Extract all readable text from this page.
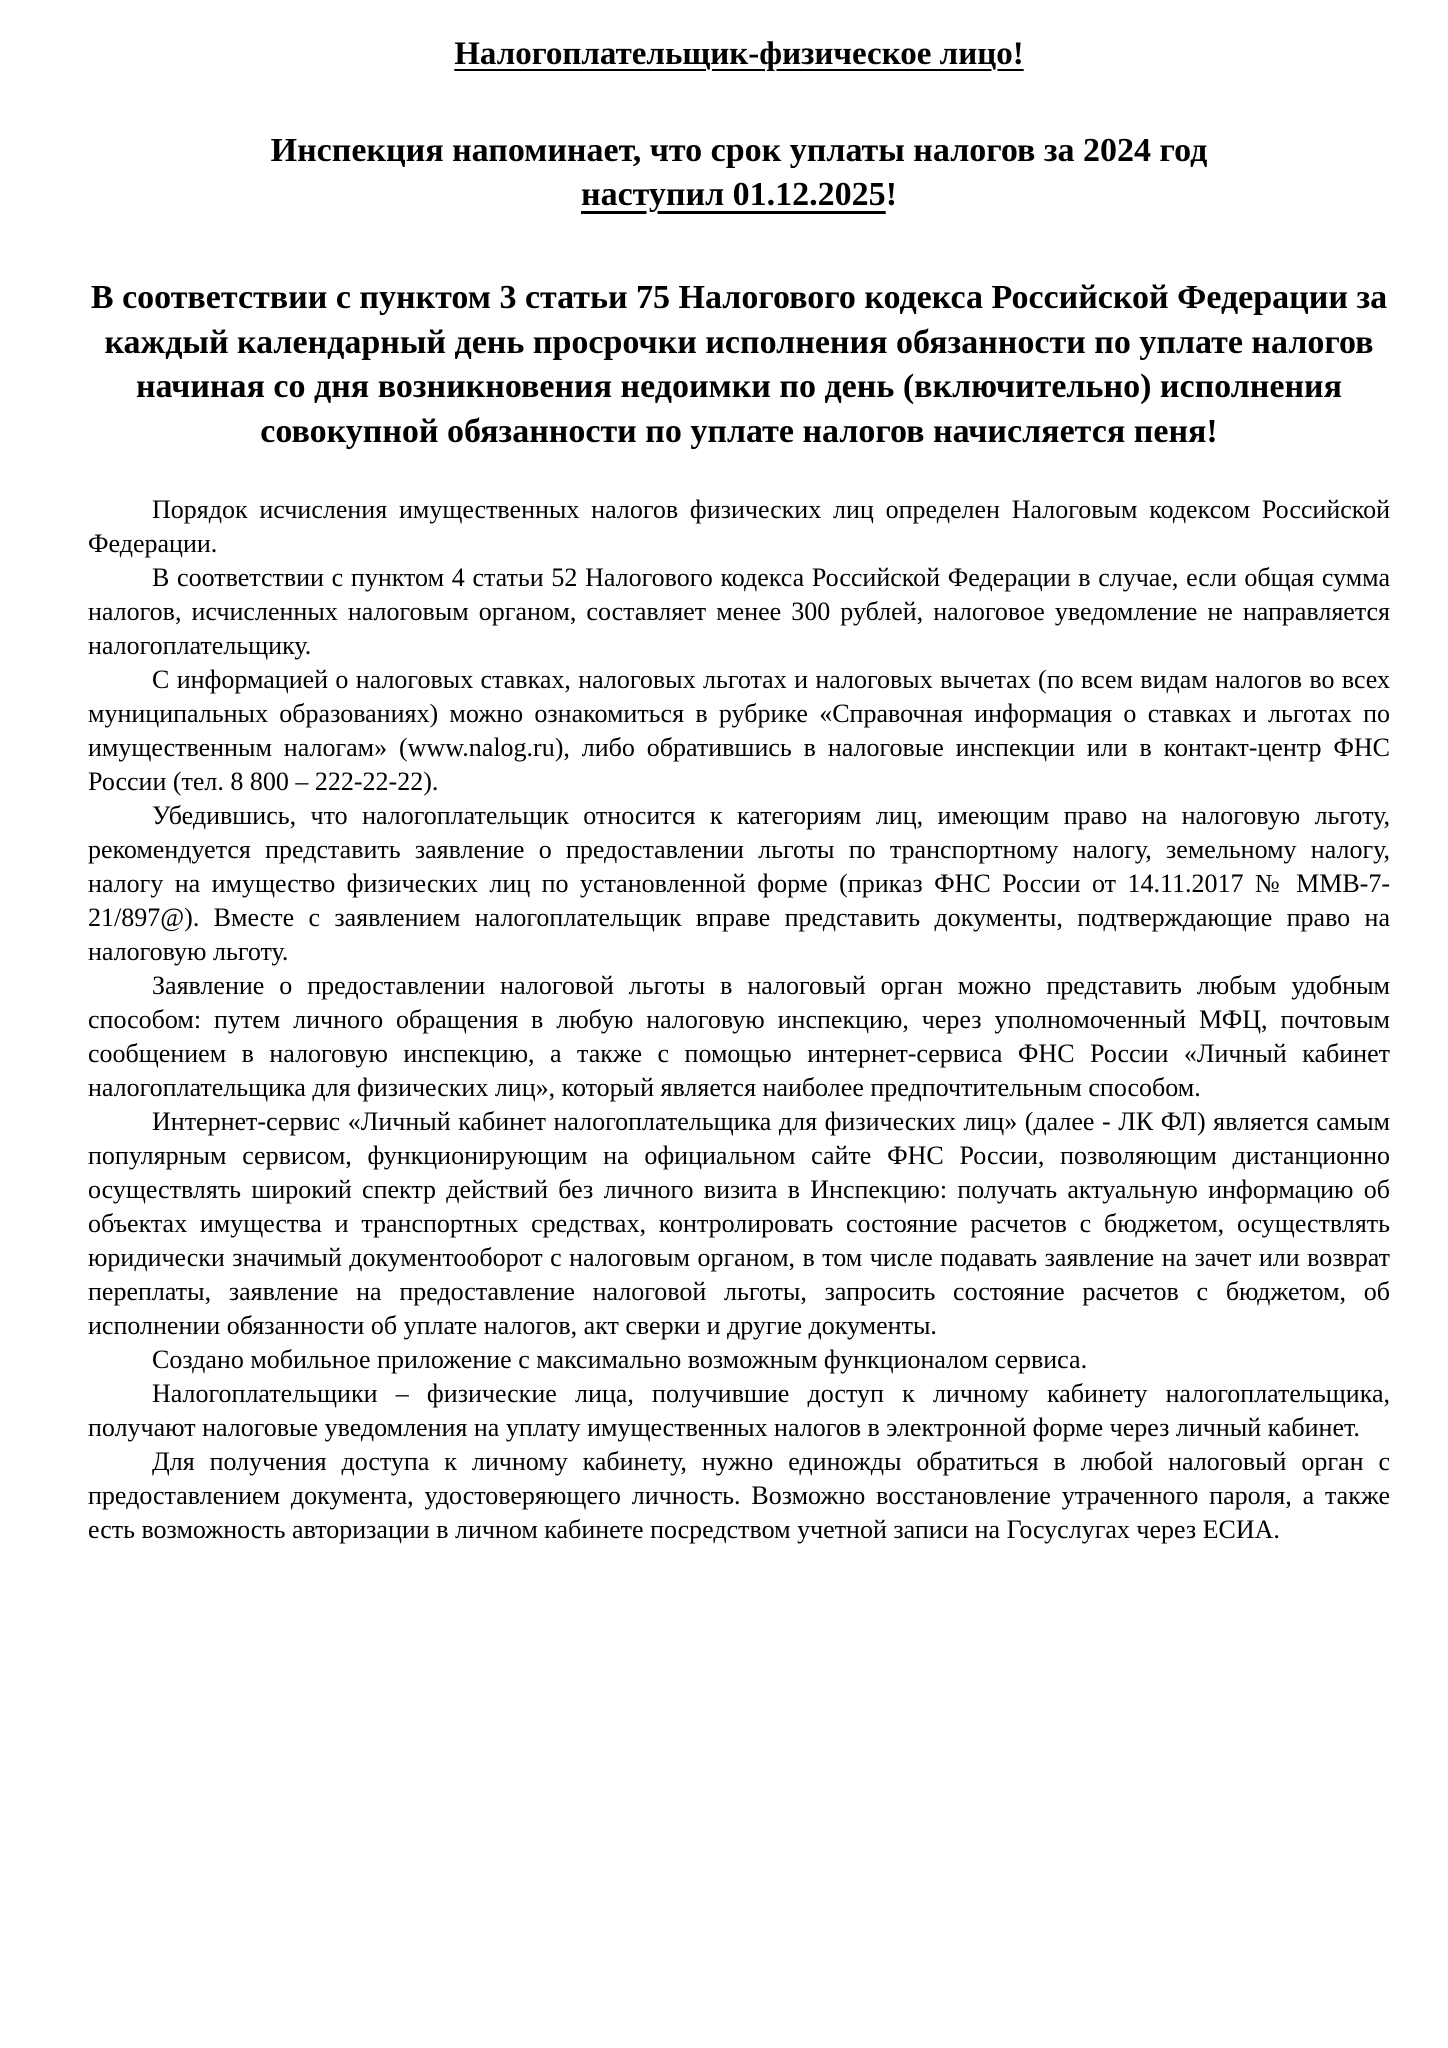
Налогоплательщик-физическое лицо!
Инспекция напоминает, что срок уплаты налогов за 2024 год
наступил 01.12.2025!
В соответствии с пунктом 3 статьи 75 Налогового кодекса Российской Федерации за каждый календарный день просрочки исполнения обязанности по уплате налогов начиная со дня возникновения недоимки по день (включительно) исполнения совокупной обязанности по уплате налогов начисляется пеня!

Порядок исчисления имущественных налогов физических лиц определен Налоговым кодексом Российской Федерации.

В соответствии с пунктом 4 статьи 52 Налогового кодекса Российской Федерации в случае, если общая сумма налогов, исчисленных налоговым органом, составляет менее 300 рублей, налоговое уведомление не направляется налогоплательщику.

С информацией о налоговых ставках, налоговых льготах и налоговых вычетах (по всем видам налогов во всех муниципальных образованиях) можно ознакомиться в рубрике «Справочная информация о ставках и льготах по имущественным налогам» (www.nalog.ru), либо обратившись в налоговые инспекции или в контакт-центр ФНС России (тел. 8 800 – 222-22-22).

Убедившись, что налогоплательщик относится к категориям лиц, имеющим право на налоговую льготу, рекомендуется представить заявление о предоставлении льготы по транспортному налогу, земельному налогу, налогу на имущество физических лиц по установленной форме (приказ ФНС России от 14.11.2017 № ММВ-7-21/897@). Вместе с заявлением налогоплательщик вправе представить документы, подтверждающие право на налоговую льготу.

Заявление о предоставлении налоговой льготы в налоговый орган можно представить любым удобным способом: путем личного обращения в любую налоговую инспекцию, через уполномоченный МФЦ, почтовым сообщением в налоговую инспекцию, а также с помощью интернет-сервиса ФНС России «Личный кабинет налогоплательщика для физических лиц», который является наиболее предпочтительным способом.

Интернет-сервис «Личный кабинет налогоплательщика для физических лиц» (далее - ЛК ФЛ) является самым популярным сервисом, функционирующим на официальном сайте ФНС России, позволяющим дистанционно осуществлять широкий спектр действий без личного визита в Инспекцию: получать актуальную информацию об объектах имущества и транспортных средствах, контролировать состояние расчетов с бюджетом, осуществлять юридически значимый документооборот с налоговым органом, в том числе подавать заявление на зачет или возврат переплаты, заявление на предоставление налоговой льготы, запросить состояние расчетов с бюджетом, об исполнении обязанности об уплате налогов, акт сверки и другие документы.

Создано мобильное приложение с максимально возможным функционалом сервиса.

Налогоплательщики – физические лица, получившие доступ к личному кабинету налогоплательщика, получают налоговые уведомления на уплату имущественных налогов в электронной форме через личный кабинет.

Для получения доступа к личному кабинету, нужно единожды обратиться в любой налоговый орган с предоставлением документа, удостоверяющего личность. Возможно восстановление утраченного пароля, а также есть возможность авторизации в личном кабинете посредством учетной записи на Госуслугах через ЕСИА.
